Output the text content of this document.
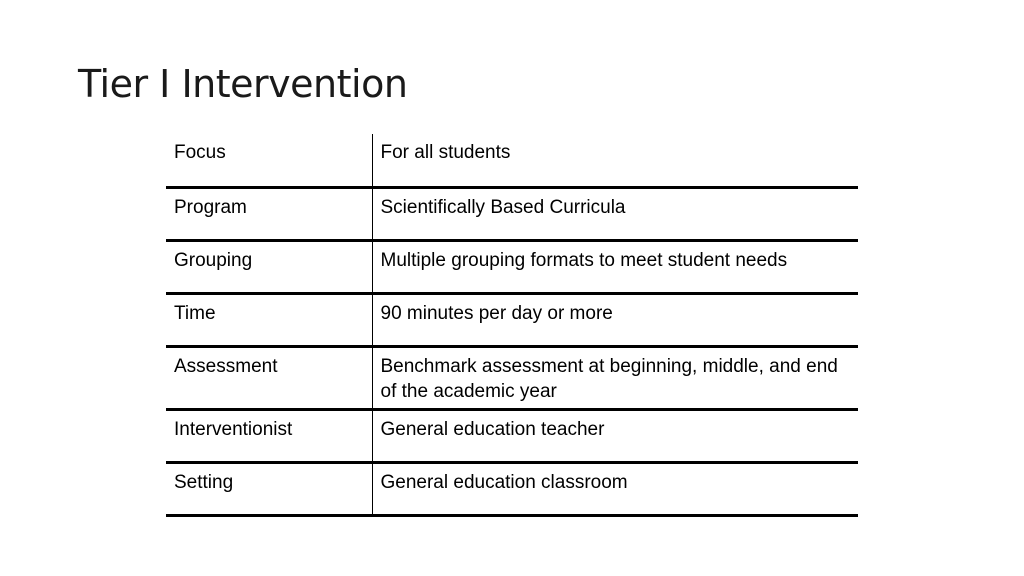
Tier I Intervention
Focus	For all students
Program	Scientifically Based Curricula
Grouping	Multiple grouping formats to meet student needs
Time	90 minutes per day or more
Assessment	Benchmark assessment at beginning, middle, and end of the academic year
Interventionist	General education teacher
Setting	General education classroom
